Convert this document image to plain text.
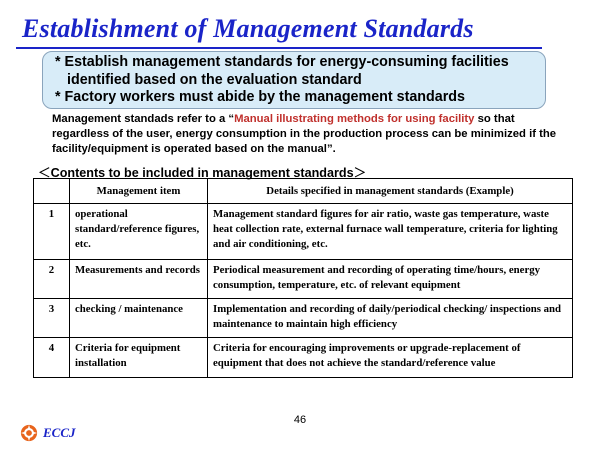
Establishment of Management Standards
* Establish management standards for energy-consuming facilities
identified based on the evaluation standard
* Factory workers must abide by the management standards
Management standads refer to a “Manual illustrating methods for using facility so that regardless of the user, energy consumption in the production process can be minimized if the facility/equipment is operated based on the manual”.
＜Contents to be included in management standards＞
	Management item	Details specified in management standards (Example)
1	operational standard/reference figures, etc.	Management standard figures for air ratio, waste gas temperature, waste heat collection rate, external furnace wall temperature, criteria for lighting and air conditioning, etc.
2	Measurements and records	Periodical measurement and recording of operating time/hours, energy consumption, temperature, etc. of relevant equipment
3	checking / maintenance	Implementation and recording of daily/periodical checking/ inspections and maintenance to maintain high efficiency
4	Criteria for equipment installation	Criteria for encouraging improvements or upgrade-replacement of equipment that does not achieve the standard/reference value
46
ECCJ
